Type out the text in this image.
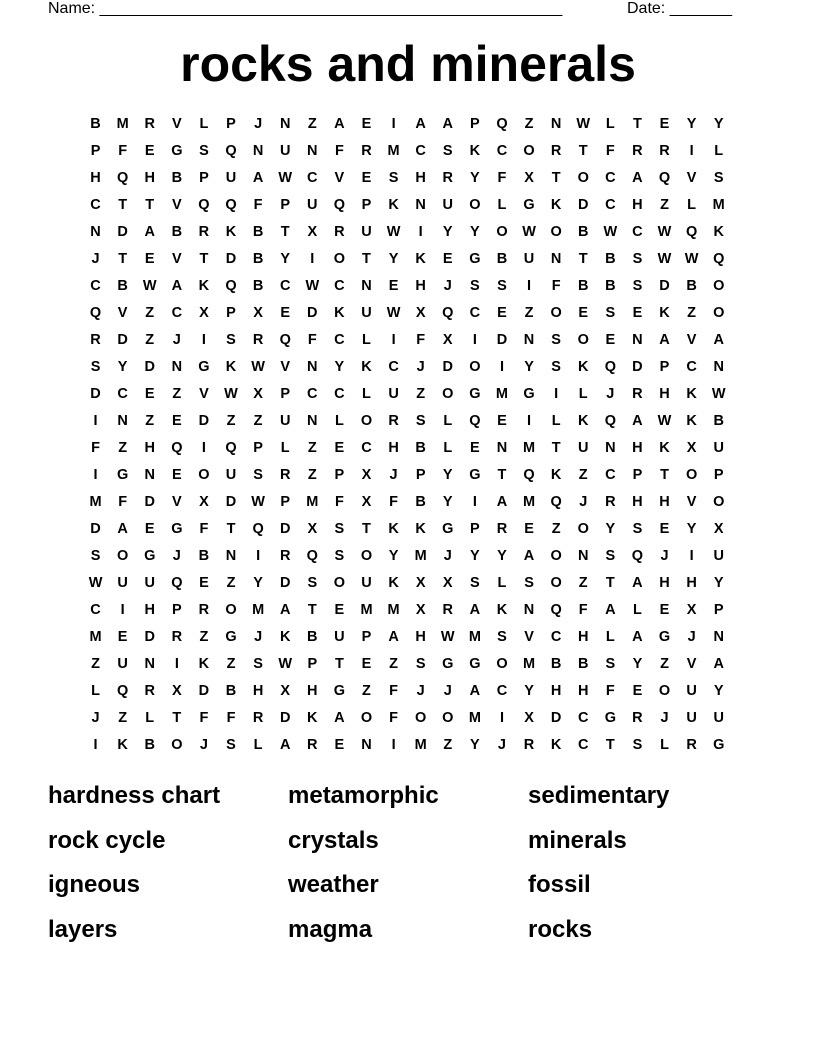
Name: ____________________________________________________	Date: _______
rocks and minerals
B	M	R	V	L	P	J	N	Z	A	E	I	A	A	P	Q	Z	N	W	L	T	E	Y	Y
P	F	E	G	S	Q	N	U	N	F	R	M	C	S	K	C	O	R	T	F	R	R	I	L
H	Q	H	B	P	U	A	W	C	V	E	S	H	R	Y	F	X	T	O	C	A	Q	V	S
C	T	T	V	Q	Q	F	P	U	Q	P	K	N	U	O	L	G	K	D	C	H	Z	L	M
N	D	A	B	R	K	B	T	X	R	U	W	I	Y	Y	O	W	O	B	W	C	W	Q	K
J	T	E	V	T	D	B	Y	I	O	T	Y	K	E	G	B	U	N	T	B	S	W W	Q
C	B	W	A	K	Q	B	C	W	C	N	E	H	J	S	S	I	F	B	B	S	D	B	O
Q	V	Z	C	X	P	X	E	D	K	U	W	X	Q	C	E	Z	O	E	S	E	K	Z	O
R	D	Z	J	I	S	R	Q	F	C	L	I	F	X	I	D	N	S	O	E	N	A	V	A
S	Y	D	N	G	K	W	V	N	Y	K	C	J	D	O	I	Y	S	K	Q	D	P	C	N
D	C	E	Z	V	W	X	P	C	C	L	U	Z	O	G	M	G	I	L	J	R	H	K	W
I	N	Z	E	D	Z	Z	U	N	L	O	R	S	L	Q	E	I	L	K	Q	A	W	K	B
F	Z	H	Q	I	Q	P	L	Z	E	C	H	B	L	E	N	M	T	U	N	H	K	X	U
I	G	N	E	O	U	S	R	Z	P	X	J	P	Y	G	T	Q	K	Z	C	P	T	O	P
M	F	D	V	X	D	W	P	M	F	X	F	B	Y	I	A	M	Q	J	R	H	H	V	O
D	A	E	G	F	T	Q	D	X	S	T	K	K	G	P	R	E	Z	O	Y	S	E	Y	X
S	O	G	J	B	N	I	R	Q	S	O	Y	M	J	Y	Y	A	O	N	S	Q	J	I	U
W	U	U	Q	E	Z	Y	D	S	O	U	K	X	X	S	L	S	O	Z	T	A	H	H	Y
C	I	H	P	R	O	M	A	T	E	M	M	X	R	A	K	N	Q	F	A	L	E	X	P
M	E	D	R	Z	G	J	K	B	U	P	A	H	W M	S	V	C	H	L	A	G	J	N
Z	U	N	I	K	Z	S	W	P	T	E	Z	S	G	G	O	M	B	B	S	Y	Z	V	A
L	Q	R	X	D	B	H	X	H	G	Z	F	J	J	A	C	Y	H	H	F	E	O	U	Y
J	Z	L	T	F	F	R	D	K	A	O	F	O	O	M	I	X	D	C	G	R	J	U	U
I	K	B	O	J	S	L	A	R	E	N	I	M	Z	Y	J	R	K	C	T	S	L	R	G
hardness chart	metamorphic	sedimentary
rock cycle	crystals	minerals
igneous	weather	fossil
layers	magma	rocks
